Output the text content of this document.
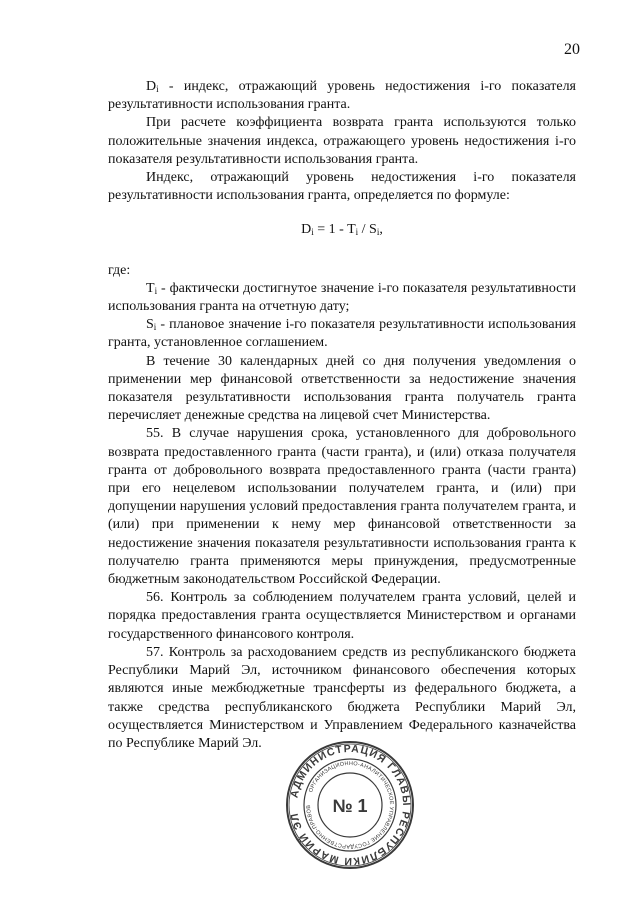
20

$D_i$ - индекс, отражающий уровень недостижения i-го показателя результативности использования гранта.

При расчете коэффициента возврата гранта используются только положительные значения индекса, отражающего уровень недостижения i-го показателя результативности использования гранта.

Индекс, отражающий уровень недостижения i-го показателя результативности использования гранта, определяется по формуле:

$D_i = 1 - T_i / S_i$,

где:

$T_i$ - фактически достигнутое значение i-го показателя результативности использования гранта на отчетную дату;

$S_i$ - плановое значение i-го показателя результативности использования гранта, установленное соглашением.

В течение 30 календарных дней со дня получения уведомления о применении мер финансовой ответственности за недостижение значения показателя результативности использования гранта получатель гранта перечисляет денежные средства на лицевой счет Министерства.

55. В случае нарушения срока, установленного для добровольного возврата предоставленного гранта (части гранта), и (или) отказа получателя гранта от добровольного возврата предоставленного гранта (части гранта) при его нецелевом использовании получателем гранта, и (или) при допущении нарушения условий предоставления гранта получателем гранта, и (или) при применении к нему мер финансовой ответственности за недостижение значения показателя результативности использования гранта к получателю гранта применяются меры принуждения, предусмотренные бюджетным законодательством Российской Федерации.

56. Контроль за соблюдением получателем гранта условий, целей и порядка предоставления гранта осуществляется Министерством и органами государственного финансового контроля.

57. Контроль за расходованием средств из республиканского бюджета Республики Марий Эл, источником финансового обеспечения которых являются иные межбюджетные трансферты из федерального бюджета, а также средства республиканского бюджета Республики Марий Эл, осуществляется Министерством и Управлением Федерального казначейства по Республике Марий Эл.

АДМИНИСТРАЦИЯ ГЛАВЫ РЕСПУБЛИКИ МАРИЙ ЭЛ
ОРГАНИЗАЦИОННО-АНАЛИТИЧЕСКОЕ УПРАВЛЕНИЕ ГОСУДАРСТВЕННО-ПРАВОВ	№ 1
